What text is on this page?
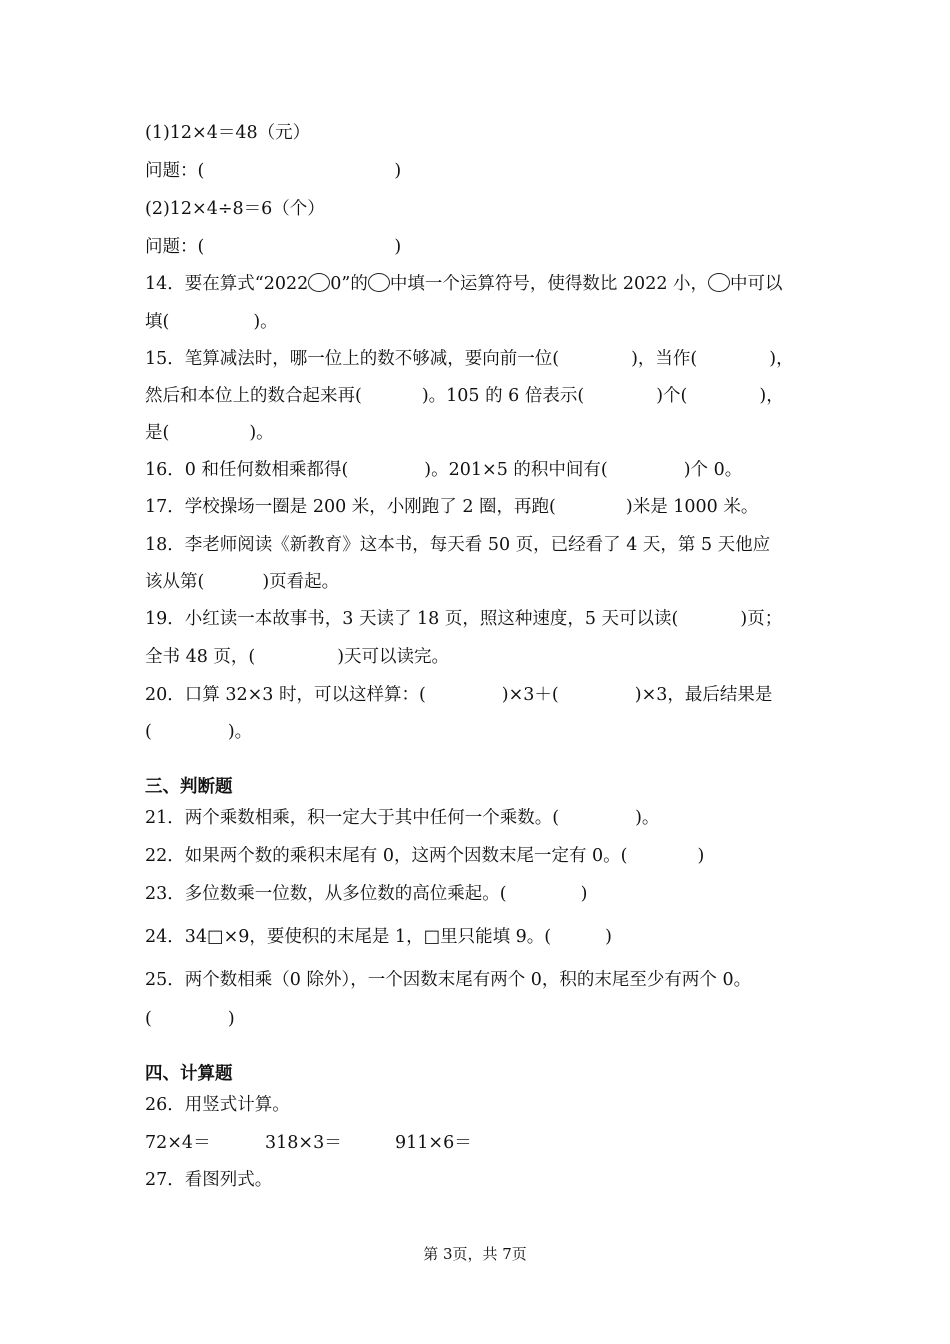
(1)12×4＝48（元）
问题：(	)
(2)12×4÷8＝6（个）
问题：(	)
14．要在算式“2022 0”的 中填一个运算符号，使得数比 2022 小， 中可以
填(	)。
15．笔算减法时，哪一位上的数不够减，要向前一位(	)，当作(	)，
然后和本位上的数合起来再(	)。105 的 6 倍表示(	)个(	)，
是(	)。
16．0 和任何数相乘都得(	)。201×5 的积中间有(	)个 0。
17．学校操场一圈是 200 米，小刚跑了 2 圈，再跑(	)米是 1000 米。
18．李老师阅读《新教育》这本书，每天看 50 页，已经看了 4 天，第 5 天他应
该从第(	)页看起。
19．小红读一本故事书，3 天读了 18 页，照这种速度，5 天可以读(	)页；
全书 48 页，(	)天可以读完。
20．口算 32×3 时，可以这样算：(	)×3＋(	)×3，最后结果是
(	)。
三、判断题
21．两个乘数相乘，积一定大于其中任何一个乘数。(	)。
22．如果两个数的乘积末尾有 0，这两个因数末尾一定有 0。(	)
23．多位数乘一位数，从多位数的高位乘起。(	)
24．34□×9，要使积的末尾是 1，□里只能填 9。(	)
25．两个数相乘（0 除外），一个因数末尾有两个 0，积的末尾至少有两个 0。
(	)
四、计算题
26．用竖式计算。
72×4＝	318×3＝	911×6＝
27．看图列式。
第 3页，共 7页
